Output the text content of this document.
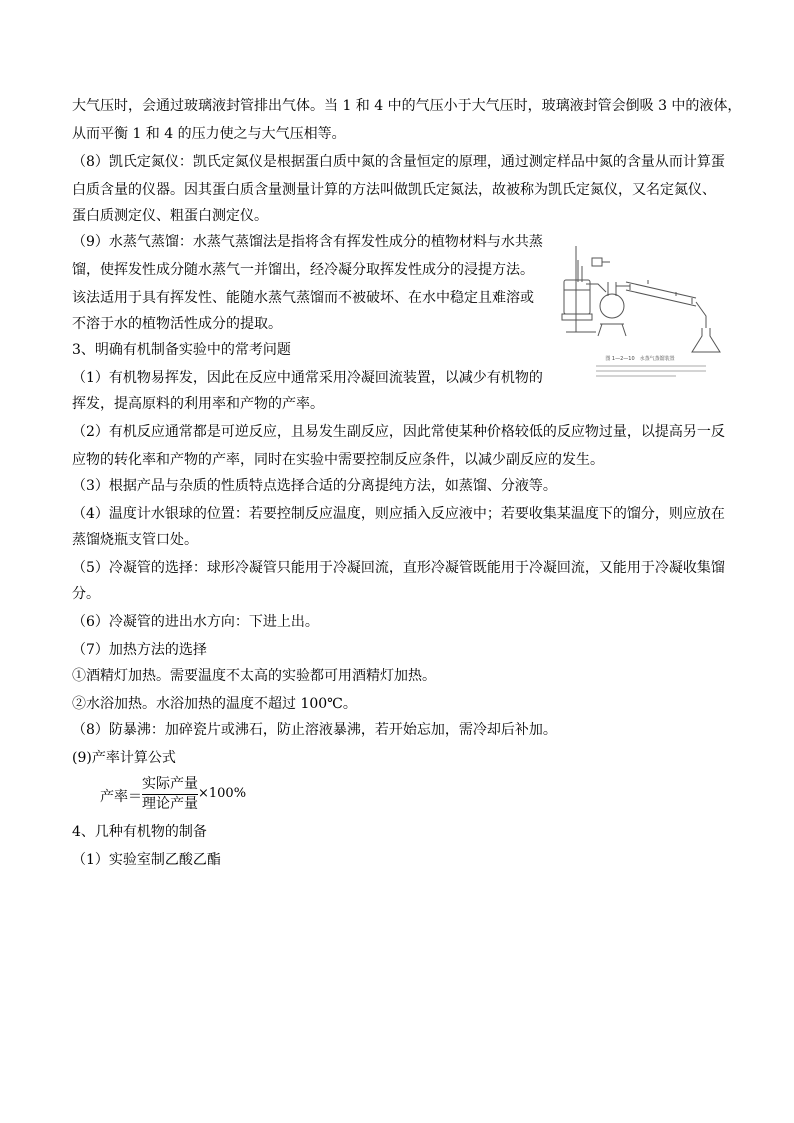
大气压时，会通过玻璃液封管排出气体。当 1 和 4 中的气压小于大气压时，玻璃液封管会倒吸 3 中的液体，
从而平衡 1 和 4 的压力使之与大气压相等。
（8）凯氏定氮仪：凯氏定氮仪是根据蛋白质中氮的含量恒定的原理，通过测定样品中氮的含量从而计算蛋
白质含量的仪器。因其蛋白质含量测量计算的方法叫做凯氏定氮法，故被称为凯氏定氮仪，又名定氮仪、
蛋白质测定仪、粗蛋白测定仪。
（9）水蒸气蒸馏：水蒸气蒸馏法是指将含有挥发性成分的植物材料与水共蒸
馏，使挥发性成分随水蒸气一并馏出，经冷凝分取挥发性成分的浸提方法。
该法适用于具有挥发性、能随水蒸气蒸馏而不被破坏、在水中稳定且难溶或
不溶于水的植物活性成分的提取。
3、明确有机制备实验中的常考问题
（1）有机物易挥发，因此在反应中通常采用冷凝回流装置，以减少有机物的
挥发，提高原料的利用率和产物的产率。
（2）有机反应通常都是可逆反应，且易发生副反应，因此常使某种价格较低的反应物过量，以提高另一反
应物的转化率和产物的产率，同时在实验中需要控制反应条件，以减少副反应的发生。
（3）根据产品与杂质的性质特点选择合适的分离提纯方法，如蒸馏、分液等。
（4）温度计水银球的位置：若要控制反应温度，则应插入反应液中；若要收集某温度下的馏分，则应放在
蒸馏烧瓶支管口处。
（5）冷凝管的选择：球形冷凝管只能用于冷凝回流，直形冷凝管既能用于冷凝回流，又能用于冷凝收集馏
分。
（6）冷凝管的进出水方向：下进上出。
（7）加热方法的选择
①酒精灯加热。需要温度不太高的实验都可用酒精灯加热。
②水浴加热。水浴加热的温度不超过 100℃。
（8）防暴沸：加碎瓷片或沸石，防止溶液暴沸，若开始忘加，需冷却后补加。
(9)产率计算公式
产率＝
实际产量
理论产量
×100%
4、几种有机物的制备
（1）实验室制乙酸乙酯
图 1—2—10　水蒸气蒸馏装置
